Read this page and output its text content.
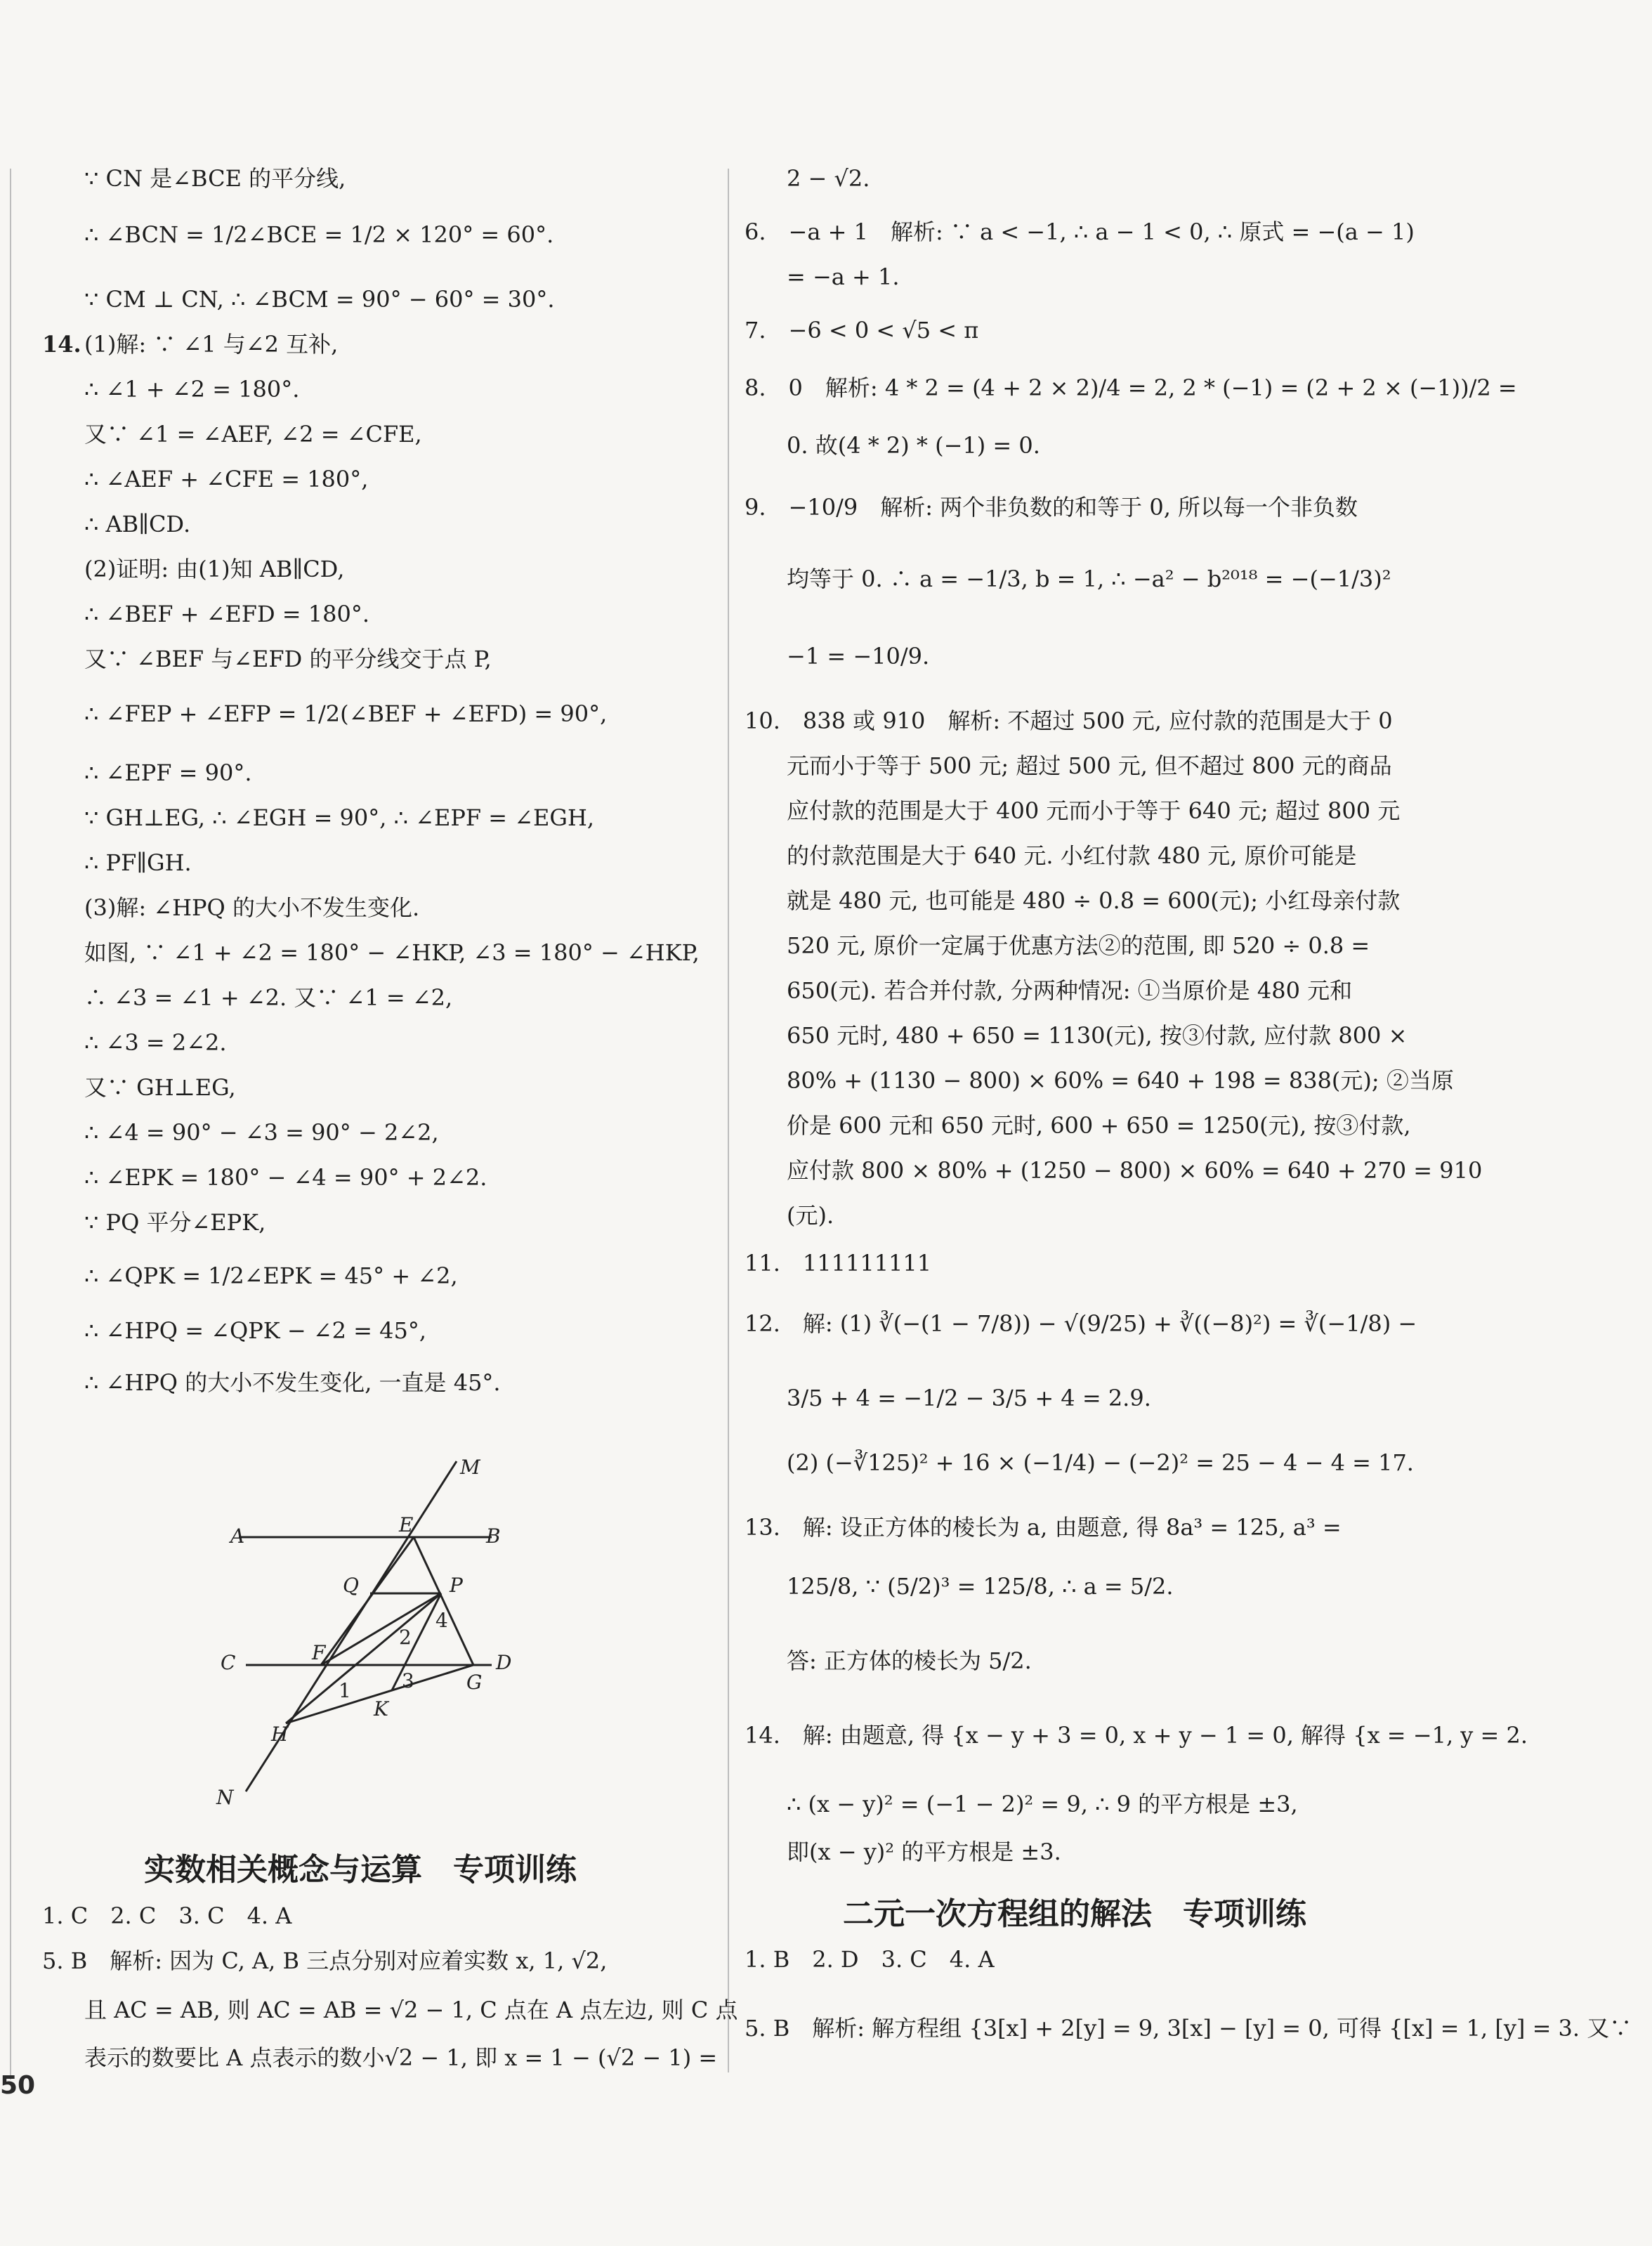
∵ CN 是∠BCE 的平分线,
∴ ∠BCN = 1/2∠BCE = 1/2 × 120° = 60°.
∵ CM ⊥ CN, ∴ ∠BCM = 90° − 60° = 30°.
14. (1)解: ∵ ∠1 与∠2 互补,
∴ ∠1 + ∠2 = 180°.
又∵ ∠1 = ∠AEF, ∠2 = ∠CFE,
∴ ∠AEF + ∠CFE = 180°,
∴ AB∥CD.
(2)证明: 由(1)知 AB∥CD,
∴ ∠BEF + ∠EFD = 180°.
又∵ ∠BEF 与∠EFD 的平分线交于点 P,
∴ ∠FEP + ∠EFP = 1/2(∠BEF + ∠EFD) = 90°,
∴ ∠EPF = 90°.
∵ GH⊥EG, ∴ ∠EGH = 90°, ∴ ∠EPF = ∠EGH,
∴ PF∥GH.
(3)解: ∠HPQ 的大小不发生变化.
如图, ∵ ∠1 + ∠2 = 180° − ∠HKP, ∠3 = 180° − ∠HKP,
∴ ∠3 = ∠1 + ∠2. 又∵ ∠1 = ∠2,
∴ ∠3 = 2∠2.
又∵ GH⊥EG,
∴ ∠4 = 90° − ∠3 = 90° − 2∠2,
∴ ∠EPK = 180° − ∠4 = 90° + 2∠2.
∵ PQ 平分∠EPK,
∴ ∠QPK = 1/2∠EPK = 45° + ∠2,
∴ ∠HPQ = ∠QPK − ∠2 = 45°,
∴ ∠HPQ 的大小不发生变化, 一直是 45°.
M
A	E	B
Q	P
4
C	F
2
D
3	G
1
K
H
N
实数相关概念与运算　专项训练
1. C　2. C　3. C　4. A
5. B　解析: 因为 C, A, B 三点分别对应着实数 x, 1, √2,
且 AC = AB, 则 AC = AB = √2 − 1, C 点在 A 点左边, 则 C 点
表示的数要比 A 点表示的数小√2 − 1, 即 x = 1 − (√2 − 1) =
2 − √2.
6.　−a + 1　解析: ∵ a < −1, ∴ a − 1 < 0, ∴ 原式 = −(a − 1)
= −a + 1.
7.　−6 < 0 < √5 < π
8.　0　解析: 4 * 2 = (4 + 2 × 2)/4 = 2, 2 * (−1) = (2 + 2 × (−1))/2 =
0. 故(4 * 2) * (−1) = 0.
9.　−10/9　解析: 两个非负数的和等于 0, 所以每一个非负数
均等于 0. ∴ a = −1/3, b = 1, ∴ −a² − b²⁰¹⁸ = −(−1/3)²
−1 = −10/9.
10.　838 或 910　解析: 不超过 500 元, 应付款的范围是大于 0
元而小于等于 500 元; 超过 500 元, 但不超过 800 元的商品
应付款的范围是大于 400 元而小于等于 640 元; 超过 800 元
的付款范围是大于 640 元. 小红付款 480 元, 原价可能是
就是 480 元, 也可能是 480 ÷ 0.8 = 600(元); 小红母亲付款
520 元, 原价一定属于优惠方法②的范围, 即 520 ÷ 0.8 =
650(元). 若合并付款, 分两种情况: ①当原价是 480 元和
650 元时, 480 + 650 = 1130(元), 按③付款, 应付款 800 ×
80% + (1130 − 800) × 60% = 640 + 198 = 838(元); ②当原
价是 600 元和 650 元时, 600 + 650 = 1250(元), 按③付款,
应付款 800 × 80% + (1250 − 800) × 60% = 640 + 270 = 910
(元).
11.　111111111
12.　解: (1) ∛(−(1 − 7/8)) − √(9/25) + ∛((−8)²) = ∛(−1/8) −
3/5 + 4 = −1/2 − 3/5 + 4 = 2.9.
(2) (−∛125)² + 16 × (−1/4) − (−2)² = 25 − 4 − 4 = 17.
13.　解: 设正方体的棱长为 a, 由题意, 得 8a³ = 125, a³ =
125/8, ∵ (5/2)³ = 125/8, ∴ a = 5/2.
答: 正方体的棱长为 5/2.
14.　解: 由题意, 得 {x − y + 3 = 0, x + y − 1 = 0, 解得 {x = −1, y = 2.
∴ (x − y)² = (−1 − 2)² = 9, ∴ 9 的平方根是 ±3,
即(x − y)² 的平方根是 ±3.
二元一次方程组的解法　专项训练
1. B　2. D　3. C　4. A
5. B　解析: 解方程组 {3[x] + 2[y] = 9, 3[x] − [y] = 0, 可得 {[x] = 1, [y] = 3. 又∵
50
